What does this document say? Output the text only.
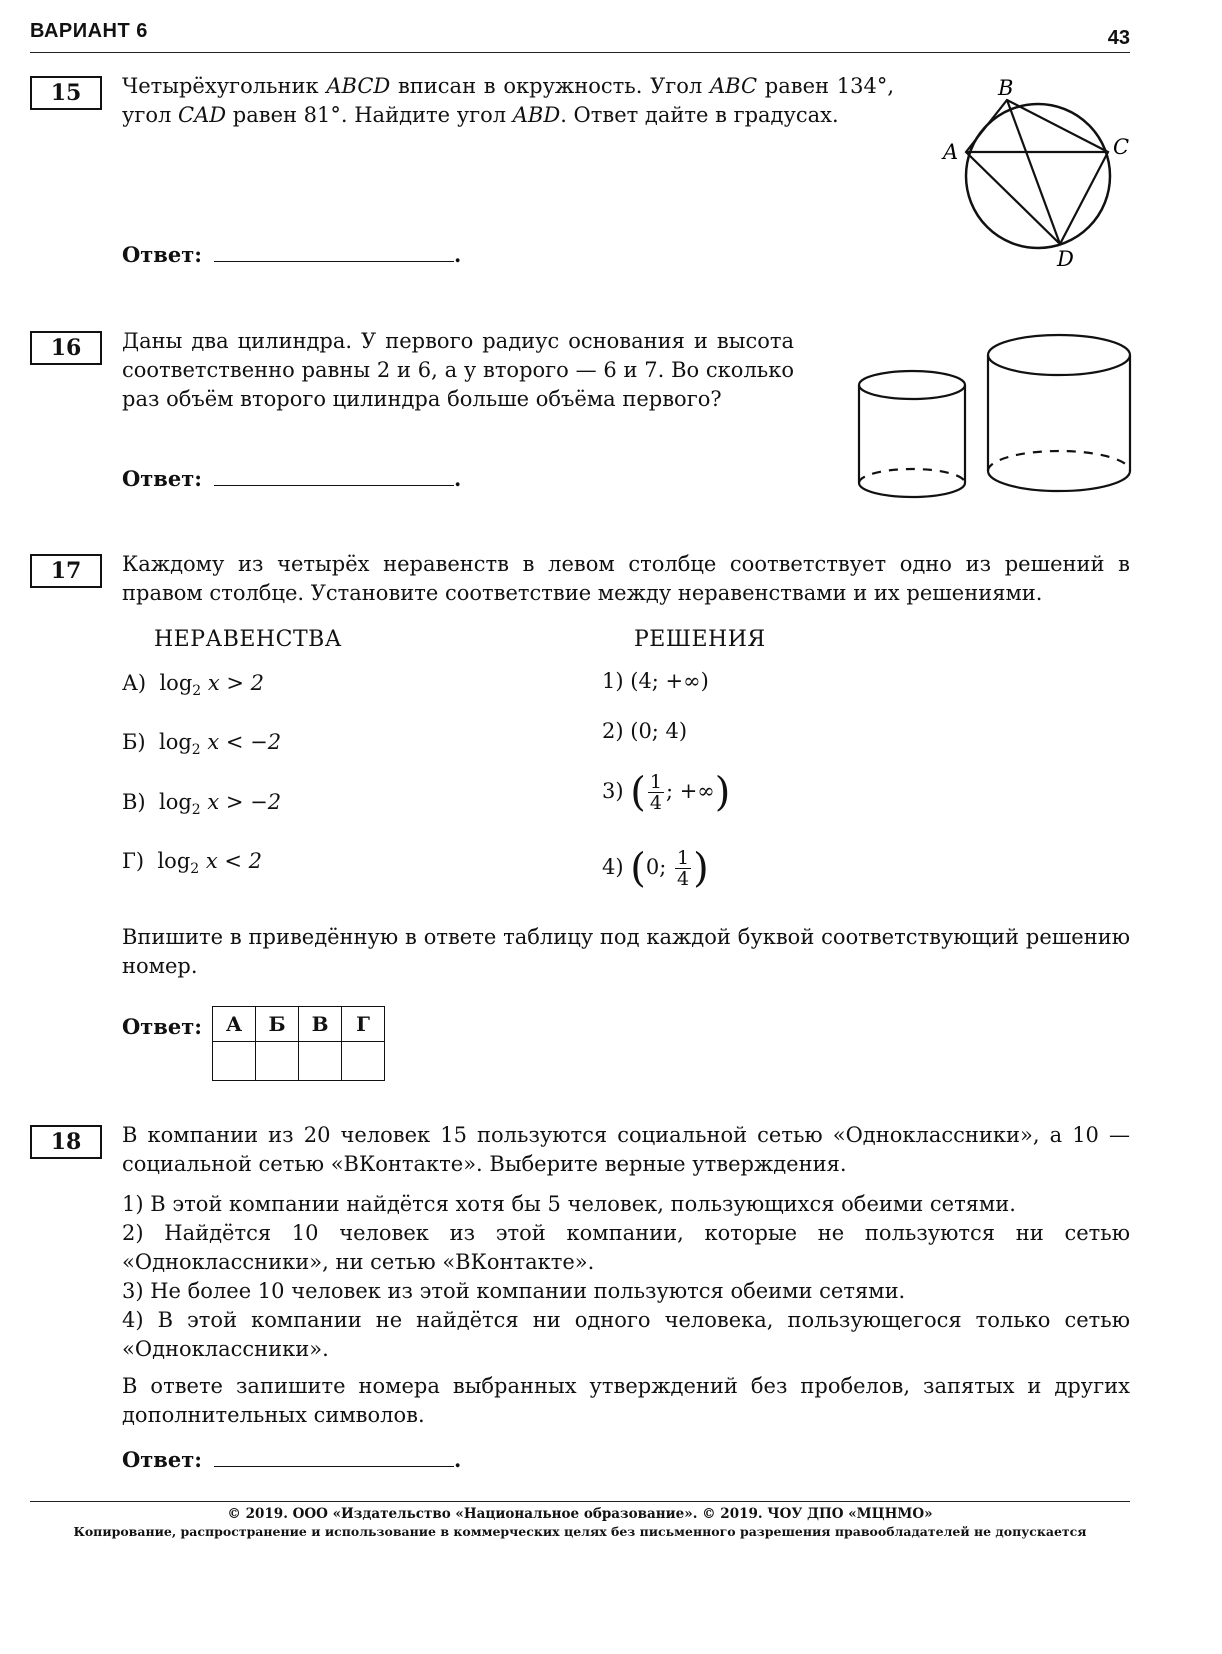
ВАРИАНТ 6	43
15	Четырёхугольник ABCD вписан в окружность. Угол ABC равен 134°, угол CAD равен 81°. Найдите угол ABD. Ответ дайте в градусах.
Ответ:	.
B
A	C
D
16	Даны два цилиндра. У первого радиус основания и высота соответственно равны 2 и 6, а у второго — 6 и 7. Во сколько раз объём второго цилиндра больше объёма первого?
Ответ:	.
17	Каждому из четырёх неравенств в левом столбце соответствует одно из решений в правом столбце. Установите соответствие между неравенствами и их решениями.
НЕРАВЕНСТВА	РЕШЕНИЯ
А) $\log_2 x > 2$
Б) $\log_2 x < -2$
В) $\log_2 x > -2$
Г) $\log_2 x < 2$
1) (4; +∞)
2) (0; 4)
3) ( $\frac{1}{4}$ ; +∞)
4) (0; $\frac{1}{4}$ )
Впишите в приведённую в ответе таблицу под каждой буквой соответствующий решению номер.
Ответ: А	Б	В	Г

18	В компании из 20 человек 15 пользуются социальной сетью «Одноклассники», а 10 — социальной сетью «ВКонтакте». Выберите верные утверждения.
1) В этой компании найдётся хотя бы 5 человек, пользующихся обеими сетями.
2) Найдётся 10 человек из этой компании, которые не пользуются ни сетью «Одноклассники», ни сетью «ВКонтакте».
3) Не более 10 человек из этой компании пользуются обеими сетями.
4) В этой компании не найдётся ни одного человека, пользующегося только сетью «Одноклассники».
В ответе запишите номера выбранных утверждений без пробелов, запятых и других дополнительных символов.
Ответ:	.
© 2019. ООО «Издательство «Национальное образование». © 2019. ЧОУ ДПО «МЦНМО»
Копирование, распространение и использование в коммерческих целях без письменного разрешения правообладателей не допускается
